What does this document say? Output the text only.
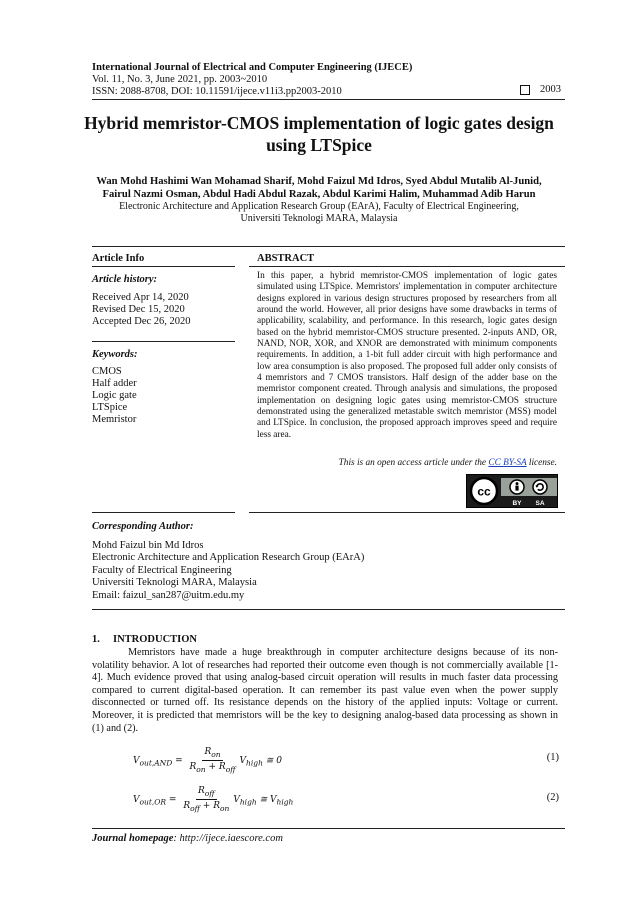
International Journal of Electrical and Computer Engineering (IJECE)
Vol. 11, No. 3, June 2021, pp. 2003~2010
ISSN: 2088-8708, DOI: 10.11591/ijece.v11i3.pp2003-2010	2003
Hybrid memristor-CMOS implementation of logic gates design
using LTSpice
Wan Mohd Hashimi Wan Mohamad Sharif, Mohd Faizul Md Idros, Syed Abdul Mutalib Al-Junid,
Fairul Nazmi Osman, Abdul Hadi Abdul Razak, Abdul Karimi Halim, Muhammad Adib Harun
Electronic Architecture and Application Research Group (EArA), Faculty of Electrical Engineering,
Universiti Teknologi MARA, Malaysia
Article Info
Article history:
Received Apr 14, 2020
Revised Dec 15, 2020
Accepted Dec 26, 2020
Keywords:
CMOS
Half adder
Logic gate
LTSpice
Memristor
ABSTRACT
In this paper, a hybrid memristor-CMOS implementation of logic gates simulated using LTSpice. Memristors' implementation in computer architecture designs explored in various design structures proposed by researchers from all around the world. However, all prior designs have some drawbacks in terms of applicability, scalability, and performance. In this research, logic gates design based on the hybrid memristor-CMOS structure presented. 2-inputs AND, OR, NAND, NOR, XOR, and XNOR are demonstrated with minimum components requirements. In addition, a 1-bit full adder circuit with high performance and low area consumption is also proposed. The proposed full adder only consists of 4 memristors and 7 CMOS transistors. Half design of the adder base on the memristor component created. Through analysis and simulations, the proposed implementation on designing logic gates using memristor-CMOS structure demonstrated using the generalized metastable switch memristor (MSS) model and LTSpice. In conclusion, the proposed approach improves speed and require less area.
This is an open access article under the CC BY-SA license.
cc
BY SA
Corresponding Author:
Mohd Faizul bin Md Idros
Electronic Architecture and Application Research Group (EArA)
Faculty of Electrical Engineering
Universiti Teknologi MARA, Malaysia
Email: faizul_san287@uitm.edu.my
1.     INTRODUCTION

Memristors have made a huge breakthrough in computer architecture designs because of its non-volatility behavior. A lot of researches had reported their outcome even though is not commercially available [1-4]. Much evidence proved that using analog-based circuit operation will results in much faster data processing compared to current digital-based operation. It can remember its past value even when the power supply disconnected or turned off. Its resistance depends on the history of the applied inputs: Voltage or current. Moreover, it is predicted that memristors will be the key to designing analog-based data processing as shown in (1) and (2).

$V_{out,AND} = \frac{R_{on}}{R_{on} + R_{off}} V_{high}$ ≅ 0	(1)
$V_{out,OR} = \frac{R_{off}}{R_{off} + R_{on}} V_{high}$ ≅ $V_{high}$	(2)
Journal homepage: http://ijece.iaescore.com
